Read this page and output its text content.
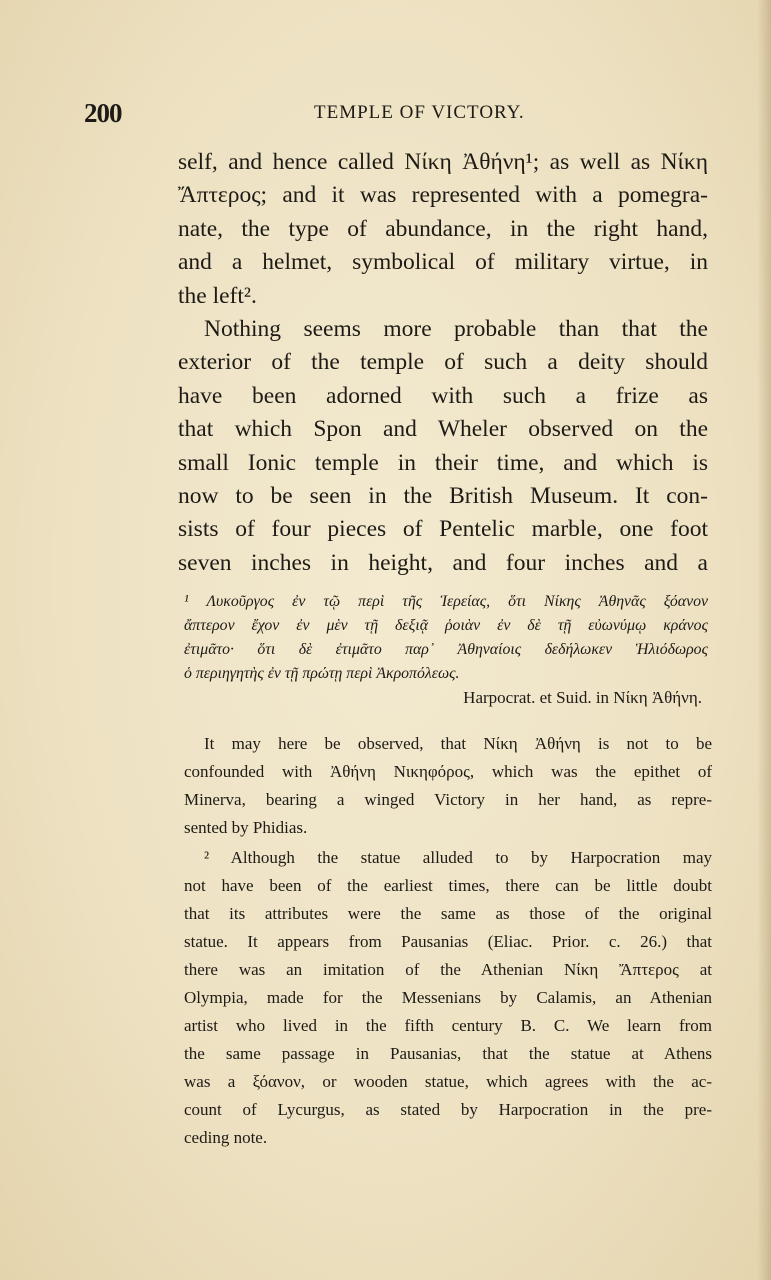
200	TEMPLE OF VICTORY.
self, and hence called Νίκη Ἀθήνη¹; as well as Νίκη
Ἄπτερος; and it was represented with a pomegra-
nate, the type of abundance, in the right hand,
and a helmet, symbolical of military virtue, in
the left².
Nothing seems more probable than that the
exterior of the temple of such a deity should
have been adorned with such a frize as
that which Spon and Wheler observed on the
small Ionic temple in their time, and which is
now to be seen in the British Museum. It con-
sists of four pieces of Pentelic marble, one foot
seven inches in height, and four inches and a
¹ Λυκοῦργος ἐν τῷ περὶ τῆς Ἱερείας, ὅτι Νίκης Ἀθηνᾶς ξόανον
ἄπτερον ἔχον ἐν μὲν τῇ δεξιᾷ ῥοιὰν ἐν δὲ τῇ εὐωνύμῳ κράνος
ἐτιμᾶτο· ὅτι δὲ ἐτιμᾶτο παρ᾽ Ἀθηναίοις δεδήλωκεν Ἡλιόδωρος
ὁ περιηγητὴς ἐν τῇ πρώτῃ περὶ Ἀκροπόλεως.
Harpocrat. et Suid. in Νίκη Ἀθήνη.
It may here be observed, that Νίκη Ἀθήνη is not to be
confounded with Ἀθήνη Νικηφόρος, which was the epithet of
Minerva, bearing a winged Victory in her hand, as repre-
sented by Phidias.
² Although the statue alluded to by Harpocration may
not have been of the earliest times, there can be little doubt
that its attributes were the same as those of the original
statue. It appears from Pausanias (Eliac. Prior. c. 26.) that
there was an imitation of the Athenian Νίκη Ἄπτερος at
Olympia, made for the Messenians by Calamis, an Athenian
artist who lived in the fifth century B. C. We learn from
the same passage in Pausanias, that the statue at Athens
was a ξόανον, or wooden statue, which agrees with the ac-
count of Lycurgus, as stated by Harpocration in the pre-
ceding note.
